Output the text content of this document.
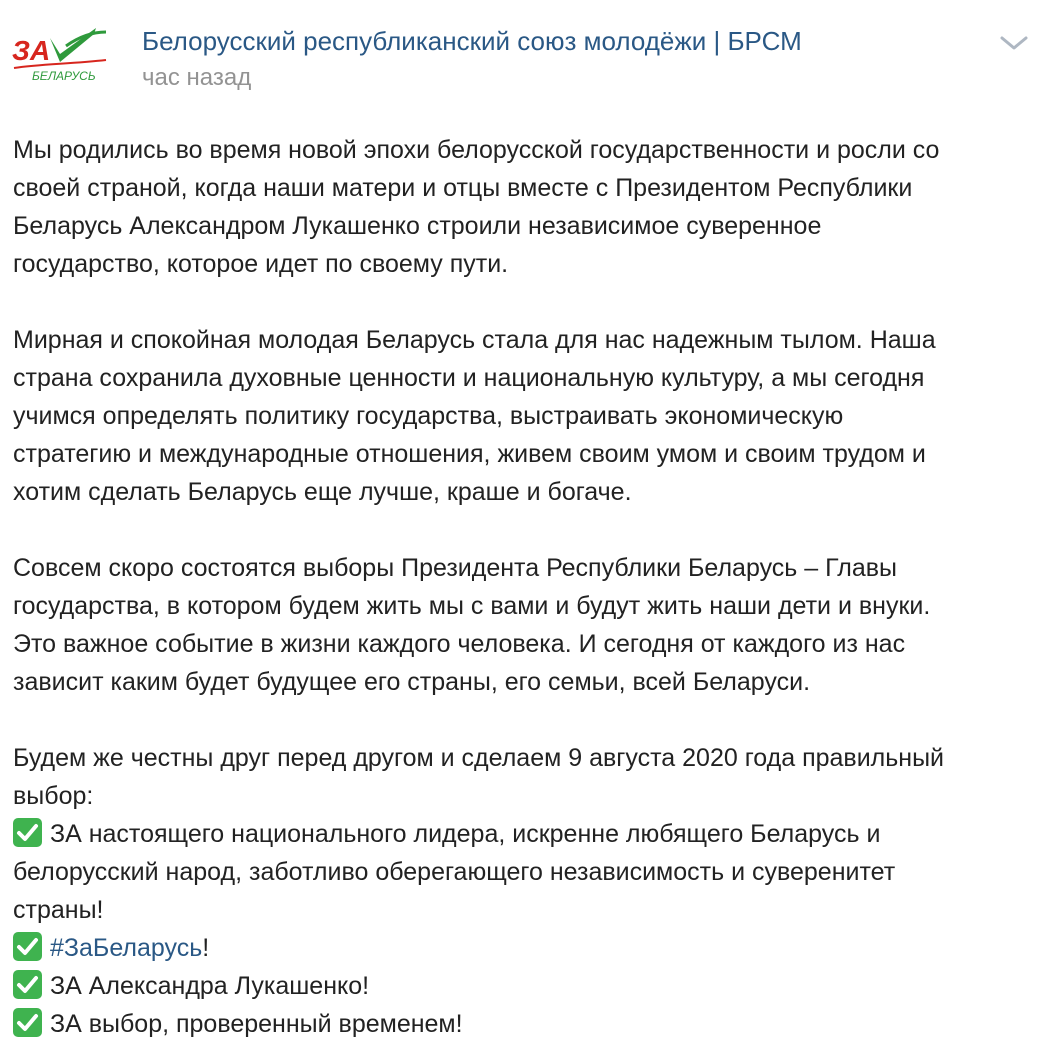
ЗА
БЕЛАРУСЬ
Белорусский республиканский союз молодёжи | БРСМ
час назад

Мы родились во время новой эпохи белорусской государственности и росли со
своей страной, когда наши матери и отцы вместе с Президентом Республики
Беларусь Александром Лукашенко строили независимое суверенное
государство, которое идет по своему пути.

Мирная и спокойная молодая Беларусь стала для нас надежным тылом. Наша
страна сохранила духовные ценности и национальную культуру, а мы сегодня
учимся определять политику государства, выстраивать экономическую
стратегию и международные отношения, живем своим умом и своим трудом и
хотим сделать Беларусь еще лучше, краше и богаче.

Совсем скоро состоятся выборы Президента Республики Беларусь – Главы
государства, в котором будем жить мы с вами и будут жить наши дети и внуки.
Это важное событие в жизни каждого человека. И сегодня от каждого из нас
зависит каким будет будущее его страны, его семьи, всей Беларуси.

Будем же честны друг перед другом и сделаем 9 августа 2020 года правильный
выбор:
ЗА настоящего национального лидера, искренне любящего Беларусь и
белорусский народ, заботливо оберегающего независимость и суверенитет
страны!
#ЗаБеларусь!
ЗА Александра Лукашенко!
ЗА выбор, проверенный временем!
